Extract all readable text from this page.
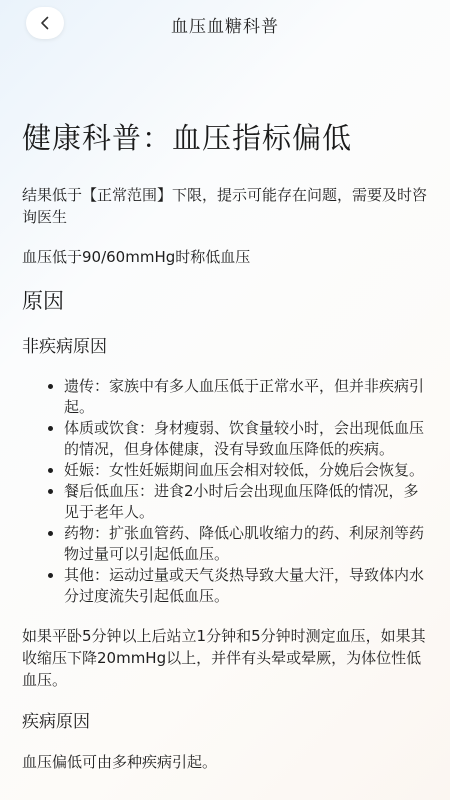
血压血糖科普
健康科普：血压指标偏低

结果低于【正常范围】下限，提示可能存在问题，需要及时咨询医生

血压低于90/60mmHg时称低血压

原因
非疾病原因
• 遗传：家族中有多人血压低于正常水平，但并非疾病引起。
• 体质或饮食：身材瘦弱、饮食量较小时，会出现低血压的情况，但身体健康，没有导致血压降低的疾病。
• 妊娠：女性妊娠期间血压会相对较低，分娩后会恢复。
• 餐后低血压：进食2小时后会出现血压降低的情况，多见于老年人。
• 药物：扩张血管药、降低心肌收缩力的药、利尿剂等药物过量可以引起低血压。
• 其他：运动过量或天气炎热导致大量大汗，导致体内水分过度流失引起低血压。

如果平卧5分钟以上后站立1分钟和5分钟时测定血压，如果其收缩压下降20mmHg以上，并伴有头晕或晕厥，为体位性低血压。

疾病原因

血压偏低可由多种疾病引起。
